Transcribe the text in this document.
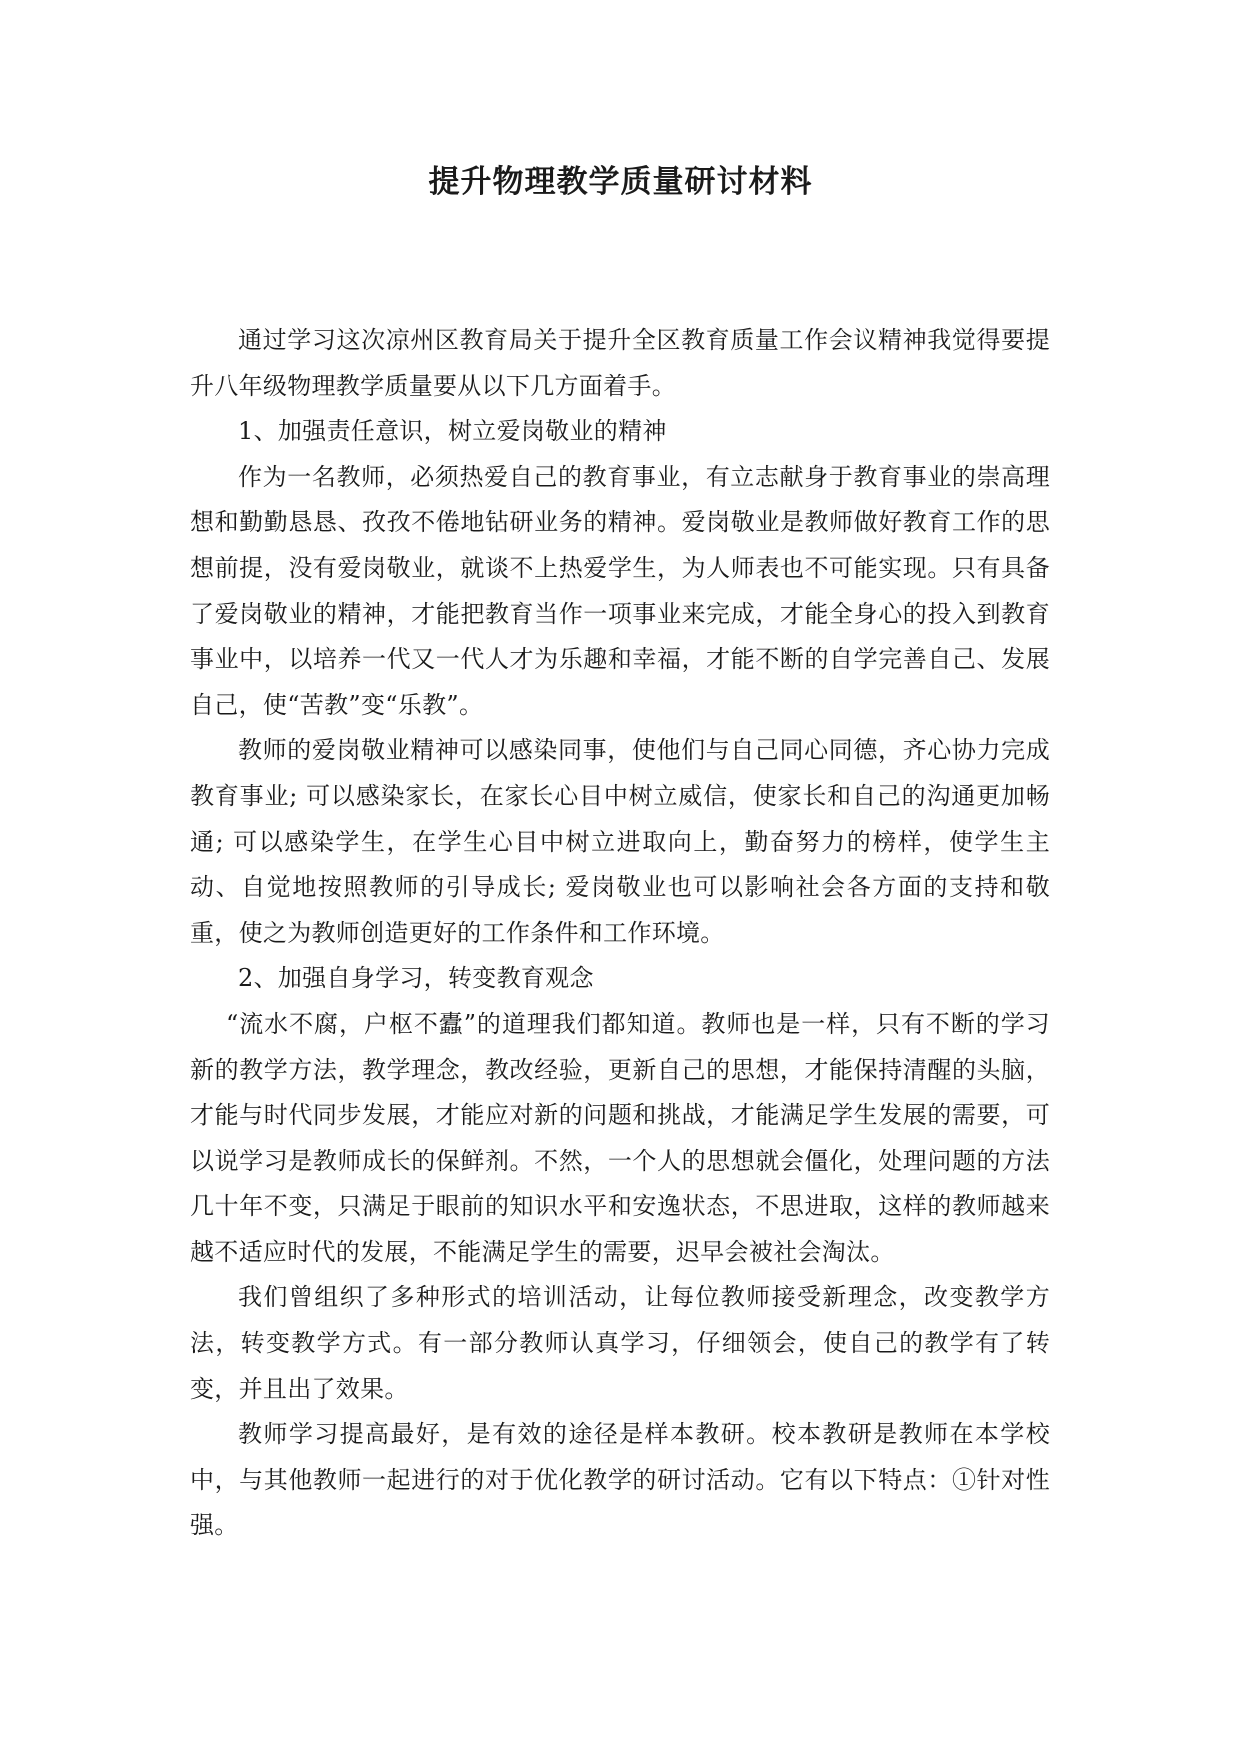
提升物理教学质量研讨材料

通过学习这次凉州区教育局关于提升全区教育质量工作会议精神我觉得要提升八年级物理教学质量要从以下几方面着手。

1、加强责任意识，树立爱岗敬业的精神

作为一名教师，必须热爱自己的教育事业，有立志献身于教育事业的崇高理想和勤勤恳恳、孜孜不倦地钻研业务的精神。爱岗敬业是教师做好教育工作的思想前提，没有爱岗敬业，就谈不上热爱学生，为人师表也不可能实现。只有具备了爱岗敬业的精神，才能把教育当作一项事业来完成，才能全身心的投入到教育事业中，以培养一代又一代人才为乐趣和幸福，才能不断的自学完善自己、发展自己，使“苦教”变“乐教”。

教师的爱岗敬业精神可以感染同事，使他们与自己同心同德，齐心协力完成教育事业; 可以感染家长，在家长心目中树立威信，使家长和自己的沟通更加畅通; 可以感染学生，在学生心目中树立进取向上，勤奋努力的榜样，使学生主动、自觉地按照教师的引导成长; 爱岗敬业也可以影响社会各方面的支持和敬重，使之为教师创造更好的工作条件和工作环境。

2、加强自身学习，转变教育观念

“流水不腐，户枢不蠹”的道理我们都知道。教师也是一样，只有不断的学习新的教学方法，教学理念，教改经验，更新自己的思想，才能保持清醒的头脑，才能与时代同步发展，才能应对新的问题和挑战，才能满足学生发展的需要，可以说学习是教师成长的保鲜剂。不然，一个人的思想就会僵化，处理问题的方法几十年不变，只满足于眼前的知识水平和安逸状态，不思进取，这样的教师越来越不适应时代的发展，不能满足学生的需要，迟早会被社会淘汰。

我们曾组织了多种形式的培训活动，让每位教师接受新理念，改变教学方法，转变教学方式。有一部分教师认真学习，仔细领会，使自己的教学有了转变，并且出了效果。

教师学习提高最好，是有效的途径是样本教研。校本教研是教师在本学校中，与其他教师一起进行的对于优化教学的研讨活动。它有以下特点：①针对性强。
